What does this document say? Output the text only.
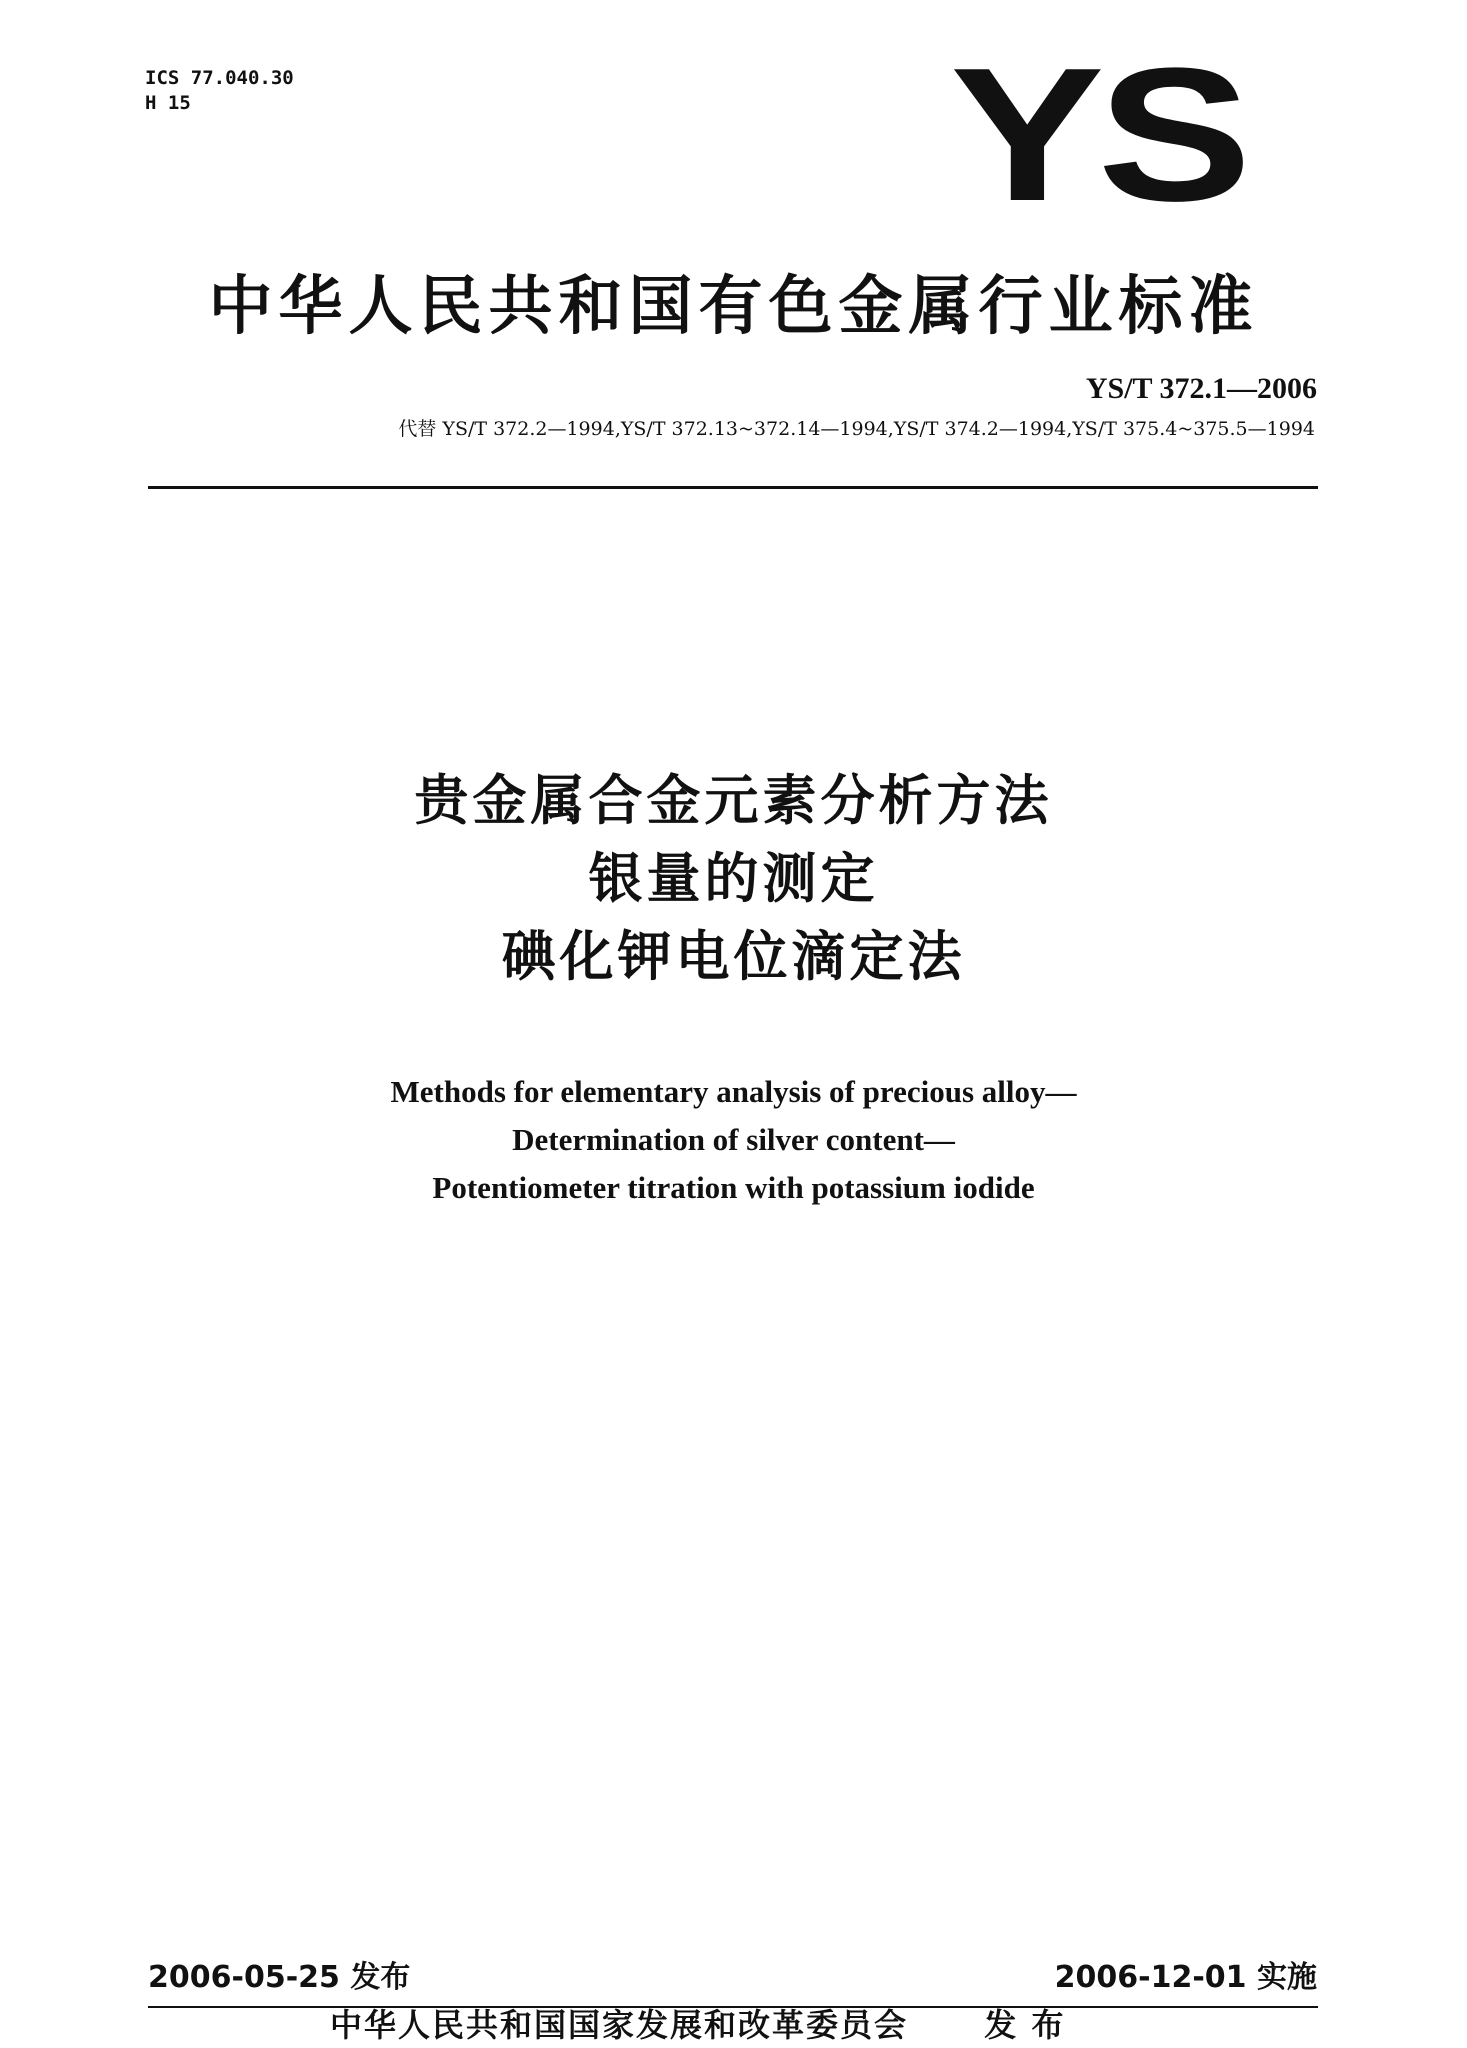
ICS 77.040.30
H 15	YS
中华人民共和国有色金属行业标准
YS/T 372.1—2006
代替 YS/T 372.2—1994,YS/T 372.13~372.14—1994,YS/T 374.2—1994,YS/T 375.4~375.5—1994
贵金属合金元素分析方法
银量的测定
碘化钾电位滴定法
Methods for elementary analysis of precious alloy—
Determination of silver content—
Potentiometer titration with potassium iodide
2006-05-25 发布	2006-12-01 实施
中华人民共和国国家发展和改革委员会 发 布
